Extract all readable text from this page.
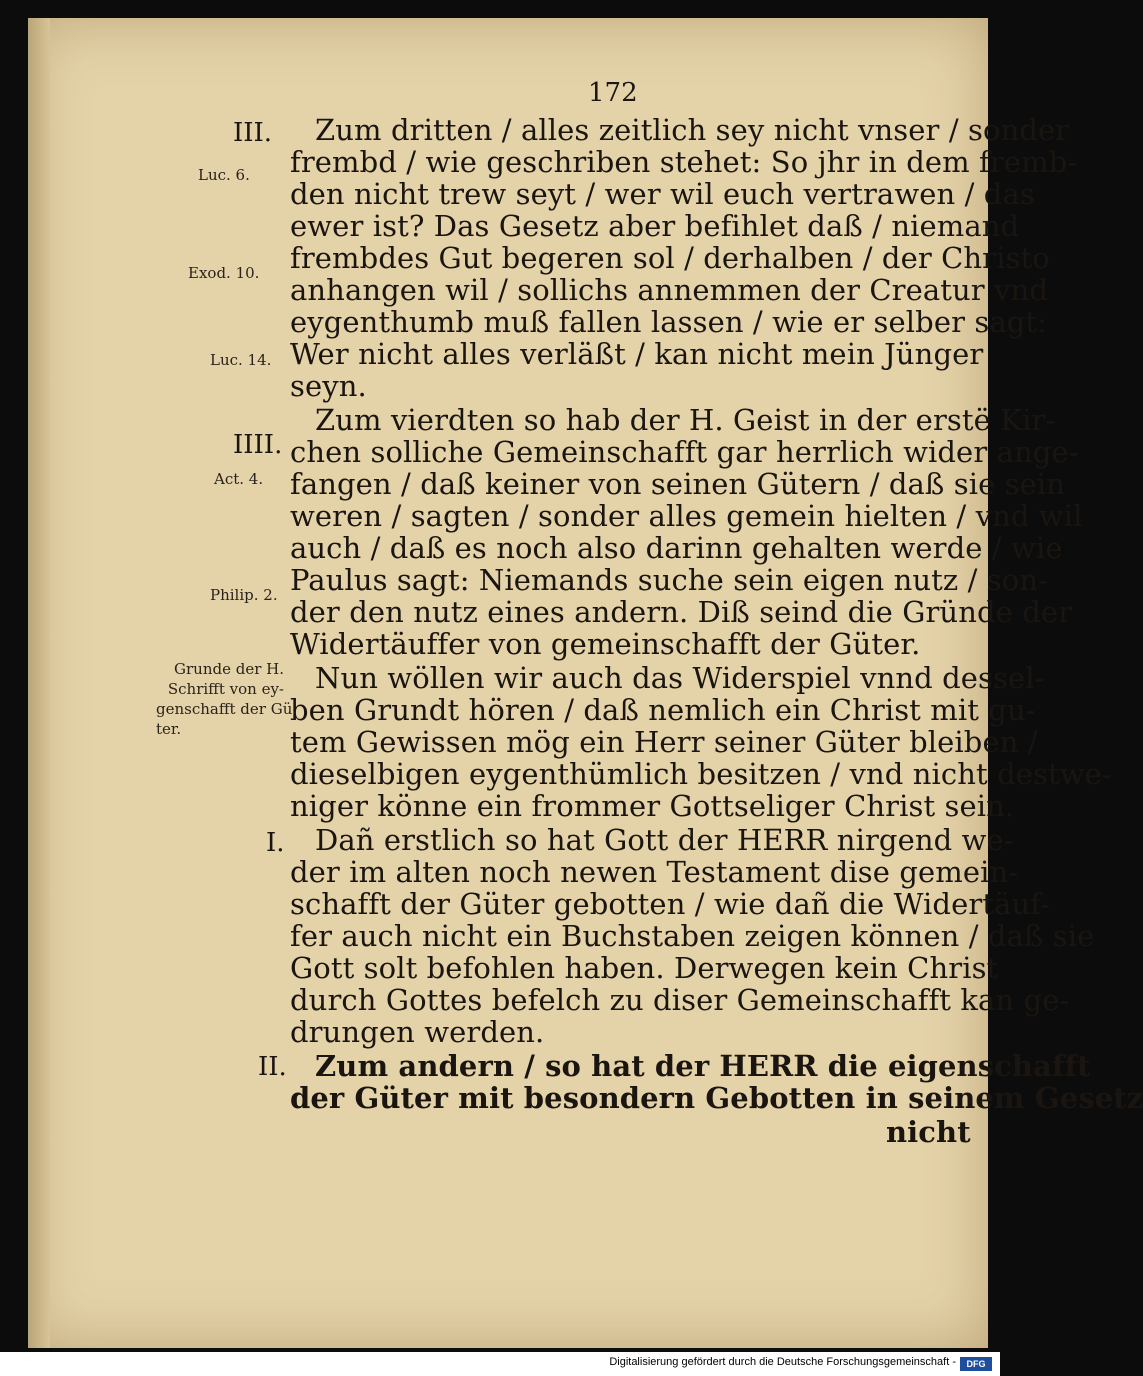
172
III.
IIII.
I.
II.
Luc. 6.
Exod. 10.
Luc. 14.
Act. 4.
Philip. 2.
Grunde der H.
Schrifft von ey-
genschafft der Gü
ter.
Zum dritten / alles zeitlich sey nicht vnser / sonder
frembd / wie geschriben stehet: So jhr in dem fremb-
den nicht trew seyt / wer wil euch vertrawen / das
ewer ist? Das Gesetz aber befihlet daß / niemand
frembdes Gut begeren sol / derhalben / der Christo
anhangen wil / sollichs annemmen der Creatur vnd
eygenthumb muß fallen lassen / wie er selber sagt:
Wer nicht alles verläßt / kan nicht mein Jünger
seyn.
Zum vierdten so hab der H. Geist in der erstë Kir-
chen solliche Gemeinschafft gar herrlich wider ange-
fangen / daß keiner von seinen Gütern / daß sie sein
weren / sagten / sonder alles gemein hielten / vnd wil
auch / daß es noch also darinn gehalten werde / wie
Paulus sagt: Niemands suche sein eigen nutz / son-
der den nutz eines andern. Diß seind die Gründe der
Widertäuffer von gemeinschafft der Güter.
Nun wöllen wir auch das Widerspiel vnnd dessel-
ben Grundt hören / daß nemlich ein Christ mit gu-
tem Gewissen mög ein Herr seiner Güter bleiben /
dieselbigen eygenthümlich besitzen / vnd nicht destwe-
niger könne ein frommer Gottseliger Christ sein.
Dañ erstlich so hat Gott der HERR nirgend we-
der im alten noch newen Testament dise gemein-
schafft der Güter gebotten / wie dañ die Widertäuf-
fer auch nicht ein Buchstaben zeigen können / daß sie
Gott solt befohlen haben. Derwegen kein Christ
durch Gottes befelch zu diser Gemeinschafft kan ge-
drungen werden.
Zum andern / so hat der HERR die eigenschafft
der Güter mit besondern Gebotten in seinem Gesetz
nicht
Digitalisierung gefördert durch die Deutsche Forschungsgemeinschaft -	DFG
